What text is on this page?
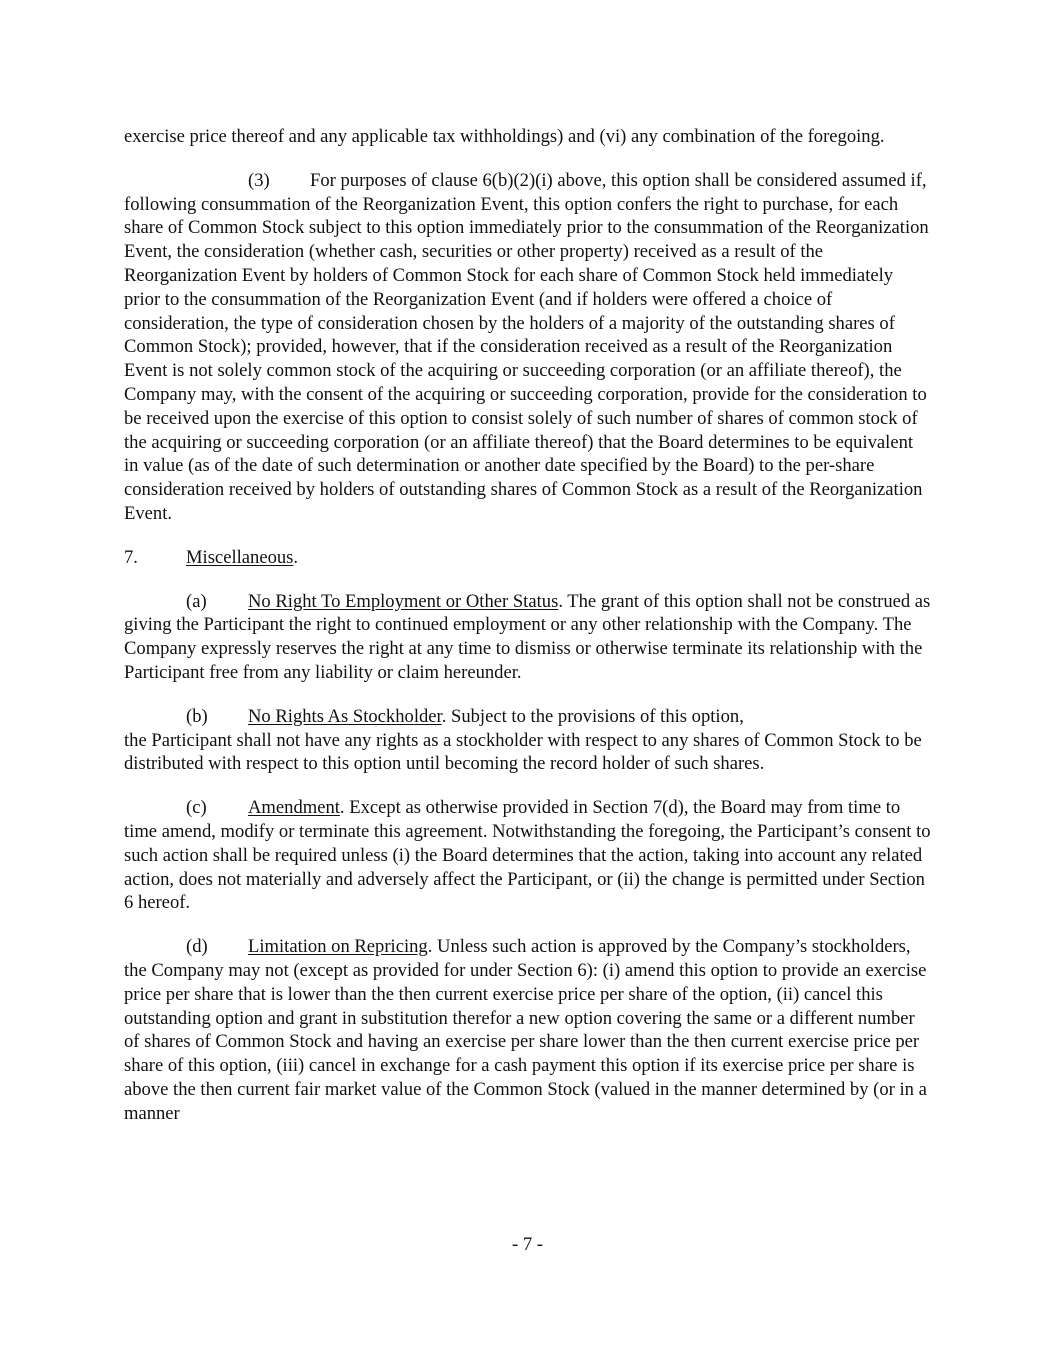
exercise price thereof and any applicable tax withholdings) and (vi) any combination of the foregoing.

(3) For purposes of clause 6(b)(2)(i) above, this option shall be considered assumed if, following consummation of the Reorganization Event, this option confers the right to purchase, for each share of Common Stock subject to this option immediately prior to the consummation of the Reorganization Event, the consideration (whether cash, securities or other property) received as a result of the Reorganization Event by holders of Common Stock for each share of Common Stock held immediately prior to the consummation of the Reorganization Event (and if holders were offered a choice of consideration, the type of consideration chosen by the holders of a majority of the outstanding shares of Common Stock); provided, however, that if the consideration received as a result of the Reorganization Event is not solely common stock of the acquiring or succeeding corporation (or an affiliate thereof), the Company may, with the consent of the acquiring or succeeding corporation, provide for the consideration to be received upon the exercise of this option to consist solely of such number of shares of common stock of the acquiring or succeeding corporation (or an affiliate thereof) that the Board determines to be equivalent in value (as of the date of such determination or another date specified by the Board) to the per-share consideration received by holders of outstanding shares of Common Stock as a result of the Reorganization Event.

7.	Miscellaneous.

(a) No Right To Employment or Other Status. The grant of this option shall not be construed as giving the Participant the right to continued employment or any other relationship with the Company. The Company expressly reserves the right at any time to dismiss or otherwise terminate its relationship with the Participant free from any liability or claim hereunder.

(b) No Rights As Stockholder. Subject to the provisions of this option,
the Participant shall not have any rights as a stockholder with respect to any shares of Common Stock to be distributed with respect to this option until becoming the record holder of such shares.

(c) Amendment. Except as otherwise provided in Section 7(d), the Board may from time to time amend, modify or terminate this agreement. Notwithstanding the foregoing, the Participant’s consent to such action shall be required unless (i) the Board determines that the action, taking into account any related action, does not materially and adversely affect the Participant, or (ii) the change is permitted under Section 6 hereof.

(d) Limitation on Repricing. Unless such action is approved by the Company’s stockholders, the Company may not (except as provided for under Section 6): (i) amend this option to provide an exercise price per share that is lower than the then current exercise price per share of the option, (ii) cancel this outstanding option and grant in substitution therefor a new option covering the same or a different number of shares of Common Stock and having an exercise per share lower than the then current exercise price per share of this option, (iii) cancel in exchange for a cash payment this option if its exercise price per share is above the then current fair market value of the Common Stock (valued in the manner determined by (or in a manner

- 7 -
